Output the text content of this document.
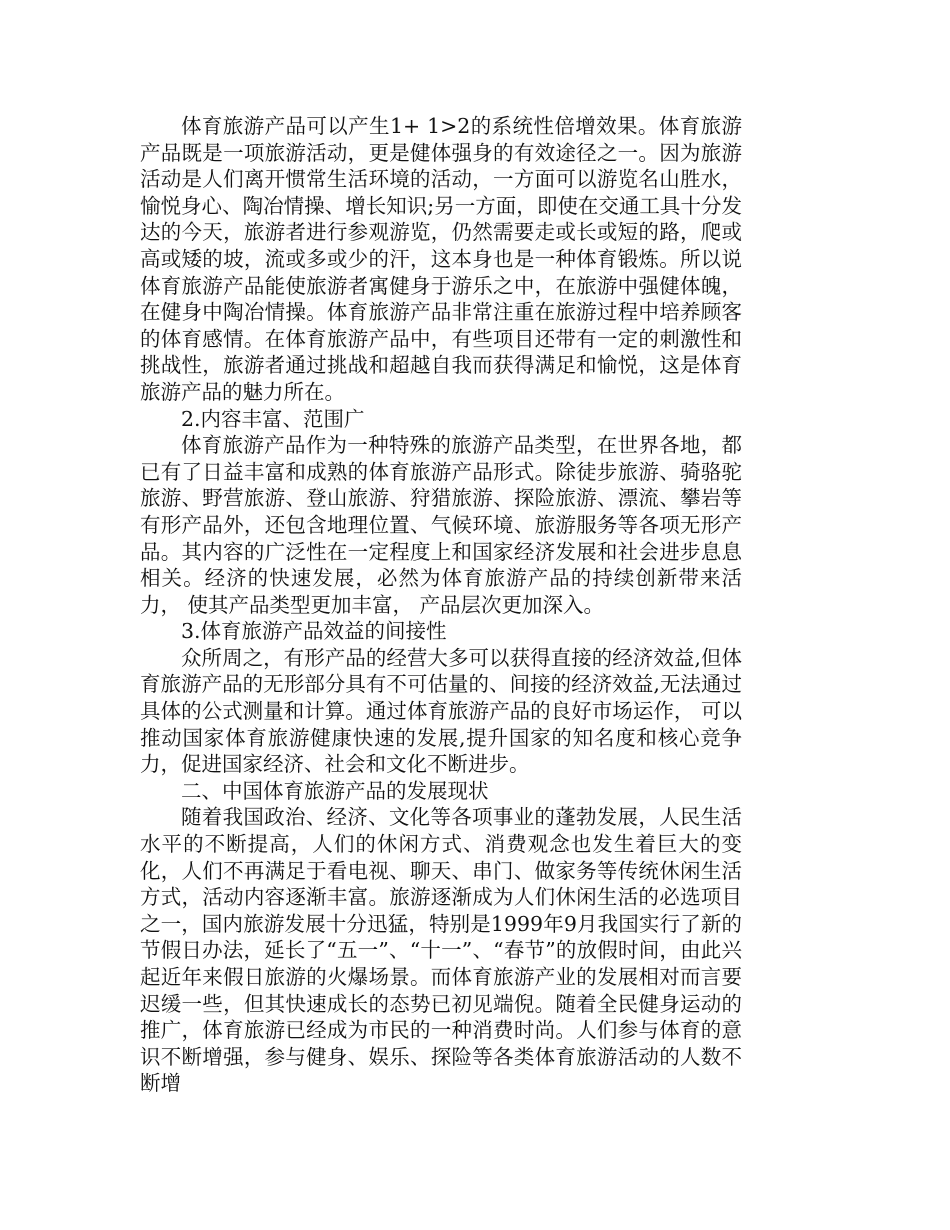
体育旅游产品可以产生1+ 1>2的系统性倍增效果。体育旅游产品既是一项旅游活动，更是健体强身的有效途径之一。因为旅游活动是人们离开惯常生活环境的活动，一方面可以游览名山胜水，愉悦身心、陶冶情操、增长知识;另一方面，即使在交通工具十分发达的今天，旅游者进行参观游览，仍然需要走或长或短的路，爬或高或矮的坡，流或多或少的汗，这本身也是一种体育锻炼。所以说体育旅游产品能使旅游者寓健身于游乐之中，在旅游中强健体魄，在健身中陶冶情操。体育旅游产品非常注重在旅游过程中培养顾客的体育感情。在体育旅游产品中，有些项目还带有一定的刺激性和挑战性，旅游者通过挑战和超越自我而获得满足和愉悦，这是体育旅游产品的魅力所在。

2.内容丰富、范围广

体育旅游产品作为一种特殊的旅游产品类型，在世界各地，都已有了日益丰富和成熟的体育旅游产品形式。除徒步旅游、骑骆驼旅游、野营旅游、登山旅游、狩猎旅游、探险旅游、漂流、攀岩等有形产品外，还包含地理位置、气候环境、旅游服务等各项无形产品。其内容的广泛性在一定程度上和国家经济发展和社会进步息息相关。经济的快速发展，必然为体育旅游产品的持续创新带来活力， 使其产品类型更加丰富， 产品层次更加深入。

3.体育旅游产品效益的间接性

众所周之，有形产品的经营大多可以获得直接的经济效益,但体育旅游产品的无形部分具有不可估量的、间接的经济效益,无法通过具体的公式测量和计算。通过体育旅游产品的良好市场运作， 可以推动国家体育旅游健康快速的发展,提升国家的知名度和核心竞争力，促进国家经济、社会和文化不断进步。

二、中国体育旅游产品的发展现状

随着我国政治、经济、文化等各项事业的蓬勃发展，人民生活水平的不断提高，人们的休闲方式、消费观念也发生着巨大的变化，人们不再满足于看电视、聊天、串门、做家务等传统休闲生活方式，活动内容逐渐丰富。旅游逐渐成为人们休闲生活的必选项目之一，国内旅游发展十分迅猛，特别是1999年9月我国实行了新的节假日办法，延长了“五一”、“十一”、“春节”的放假时间，由此兴起近年来假日旅游的火爆场景。而体育旅游产业的发展相对而言要迟缓一些，但其快速成长的态势已初见端倪。随着全民健身运动的推广，体育旅游已经成为市民的一种消费时尚。人们参与体育的意识不断增强，参与健身、娱乐、探险等各类体育旅游活动的人数不断增
